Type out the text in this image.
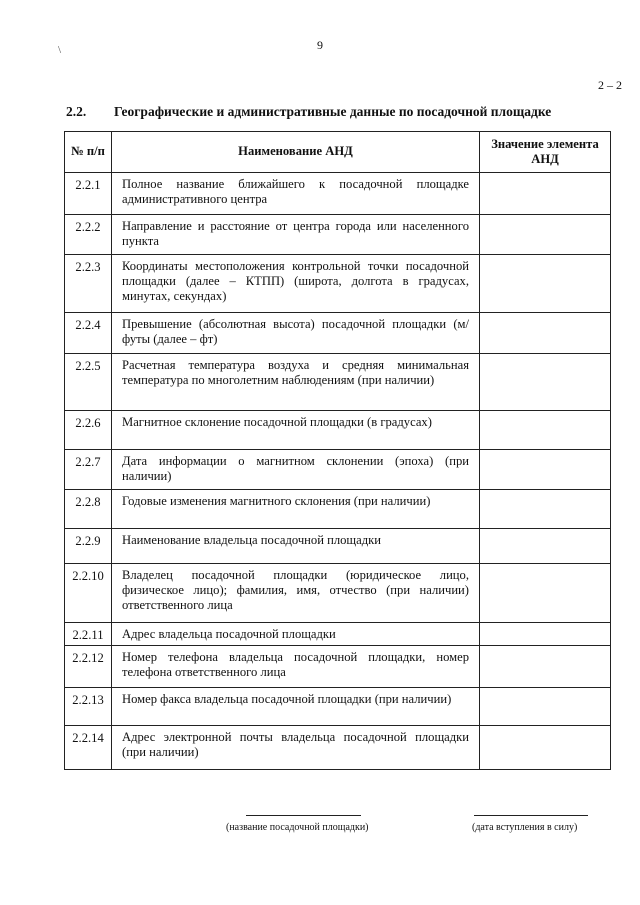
9
\
2 – 2
2.2. Географические и административные данные по посадочной площадке
№ п/п	Наименование АНД	Значение элемента АНД
2.2.1	Полное название ближайшего к посадочной площадке административного центра	
2.2.2	Направление и расстояние от центра города или населенного пункта	
2.2.3	Координаты местоположения контрольной точки посадочной площадки (далее – КТПП) (широта, долгота в градусах, минутах, секундах)	
2.2.4	Превышение (абсолютная высота) посадочной площадки (м/футы (далее – фт)	
2.2.5	Расчетная температура воздуха и средняя минимальная температура по многолетним наблюдениям (при наличии)	
2.2.6	Магнитное склонение посадочной площадки (в градусах)	
2.2.7	Дата информации о магнитном склонении (эпоха) (при наличии)	
2.2.8	Годовые изменения магнитного склонения (при наличии)	
2.2.9	Наименование владельца посадочной площадки	
2.2.10	Владелец посадочной площадки (юридическое лицо, физическое лицо); фамилия, имя, отчество (при наличии) ответственного лица	
2.2.11	Адрес владельца посадочной площадки	
2.2.12	Номер телефона владельца посадочной площадки, номер телефона ответственного лица	
2.2.13	Номер факса владельца посадочной площадки (при наличии)	
2.2.14	Адрес электронной почты владельца посадочной площадки (при наличии)	
(название посадочной площадки)	(дата вступления в силу)
